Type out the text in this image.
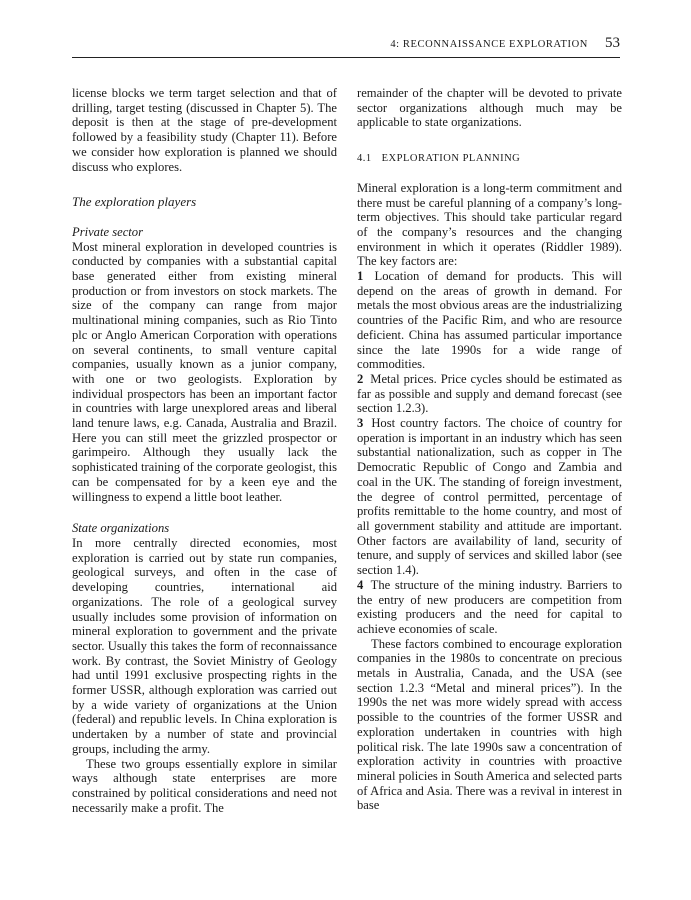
4: RECONNAISSANCE EXPLORATION 53

license blocks we term target selection and that of drilling, target testing (discussed in Chapter 5). The deposit is then at the stage of pre-development followed by a feasibility study (Chapter 11). Before we consider how exploration is planned we should discuss who explores.

The exploration players

Private sector

Most mineral exploration in developed countries is conducted by companies with a substantial capital base generated either from existing mineral production or from investors on stock markets. The size of the company can range from major multinational mining companies, such as Rio Tinto plc or Anglo American Corporation with operations on several continents, to small venture capital companies, usually known as a junior company, with one or two geologists. Exploration by individual prospectors has been an important factor in countries with large unexplored areas and liberal land tenure laws, e.g. Canada, Australia and Brazil. Here you can still meet the grizzled prospector or garimpeiro. Although they usually lack the sophisticated training of the corporate geologist, this can be compensated for by a keen eye and the willingness to expend a little boot leather.

State organizations

In more centrally directed economies, most exploration is carried out by state run companies, geological surveys, and often in the case of developing countries, international aid organizations. The role of a geological survey usually includes some provision of information on mineral exploration to government and the private sector. Usually this takes the form of reconnaissance work. By contrast, the Soviet Ministry of Geology had until 1991 exclusive prospecting rights in the former USSR, although exploration was carried out by a wide variety of organizations at the Union (federal) and republic levels. In China exploration is undertaken by a number of state and provincial groups, including the army.

These two groups essentially explore in similar ways although state enterprises are more constrained by political considerations and need not necessarily make a profit. The

remainder of the chapter will be devoted to private sector organizations although much may be applicable to state organizations.

4.1 EXPLORATION PLANNING

Mineral exploration is a long-term commitment and there must be careful planning of a company’s long-term objectives. This should take particular regard of the company’s resources and the changing environment in which it operates (Riddler 1989). The key factors are:

1 Location of demand for products. This will depend on the areas of growth in demand. For metals the most obvious areas are the industrializing countries of the Pacific Rim, and who are resource deficient. China has assumed particular importance since the late 1990s for a wide range of commodities.

2 Metal prices. Price cycles should be estimated as far as possible and supply and demand forecast (see section 1.2.3).

3 Host country factors. The choice of country for operation is important in an industry which has seen substantial nationalization, such as copper in The Democratic Republic of Congo and Zambia and coal in the UK. The standing of foreign investment, the degree of control permitted, percentage of profits remittable to the home country, and most of all government stability and attitude are important. Other factors are availability of land, security of tenure, and supply of services and skilled labor (see section 1.4).

4 The structure of the mining industry. Barriers to the entry of new producers are competition from existing producers and the need for capital to achieve economies of scale.

These factors combined to encourage exploration companies in the 1980s to concentrate on precious metals in Australia, Canada, and the USA (see section 1.2.3 “Metal and mineral prices”). In the 1990s the net was more widely spread with access possible to the countries of the former USSR and exploration undertaken in countries with high political risk. The late 1990s saw a concentration of exploration activity in countries with proactive mineral policies in South America and selected parts of Africa and Asia. There was a revival in interest in base
